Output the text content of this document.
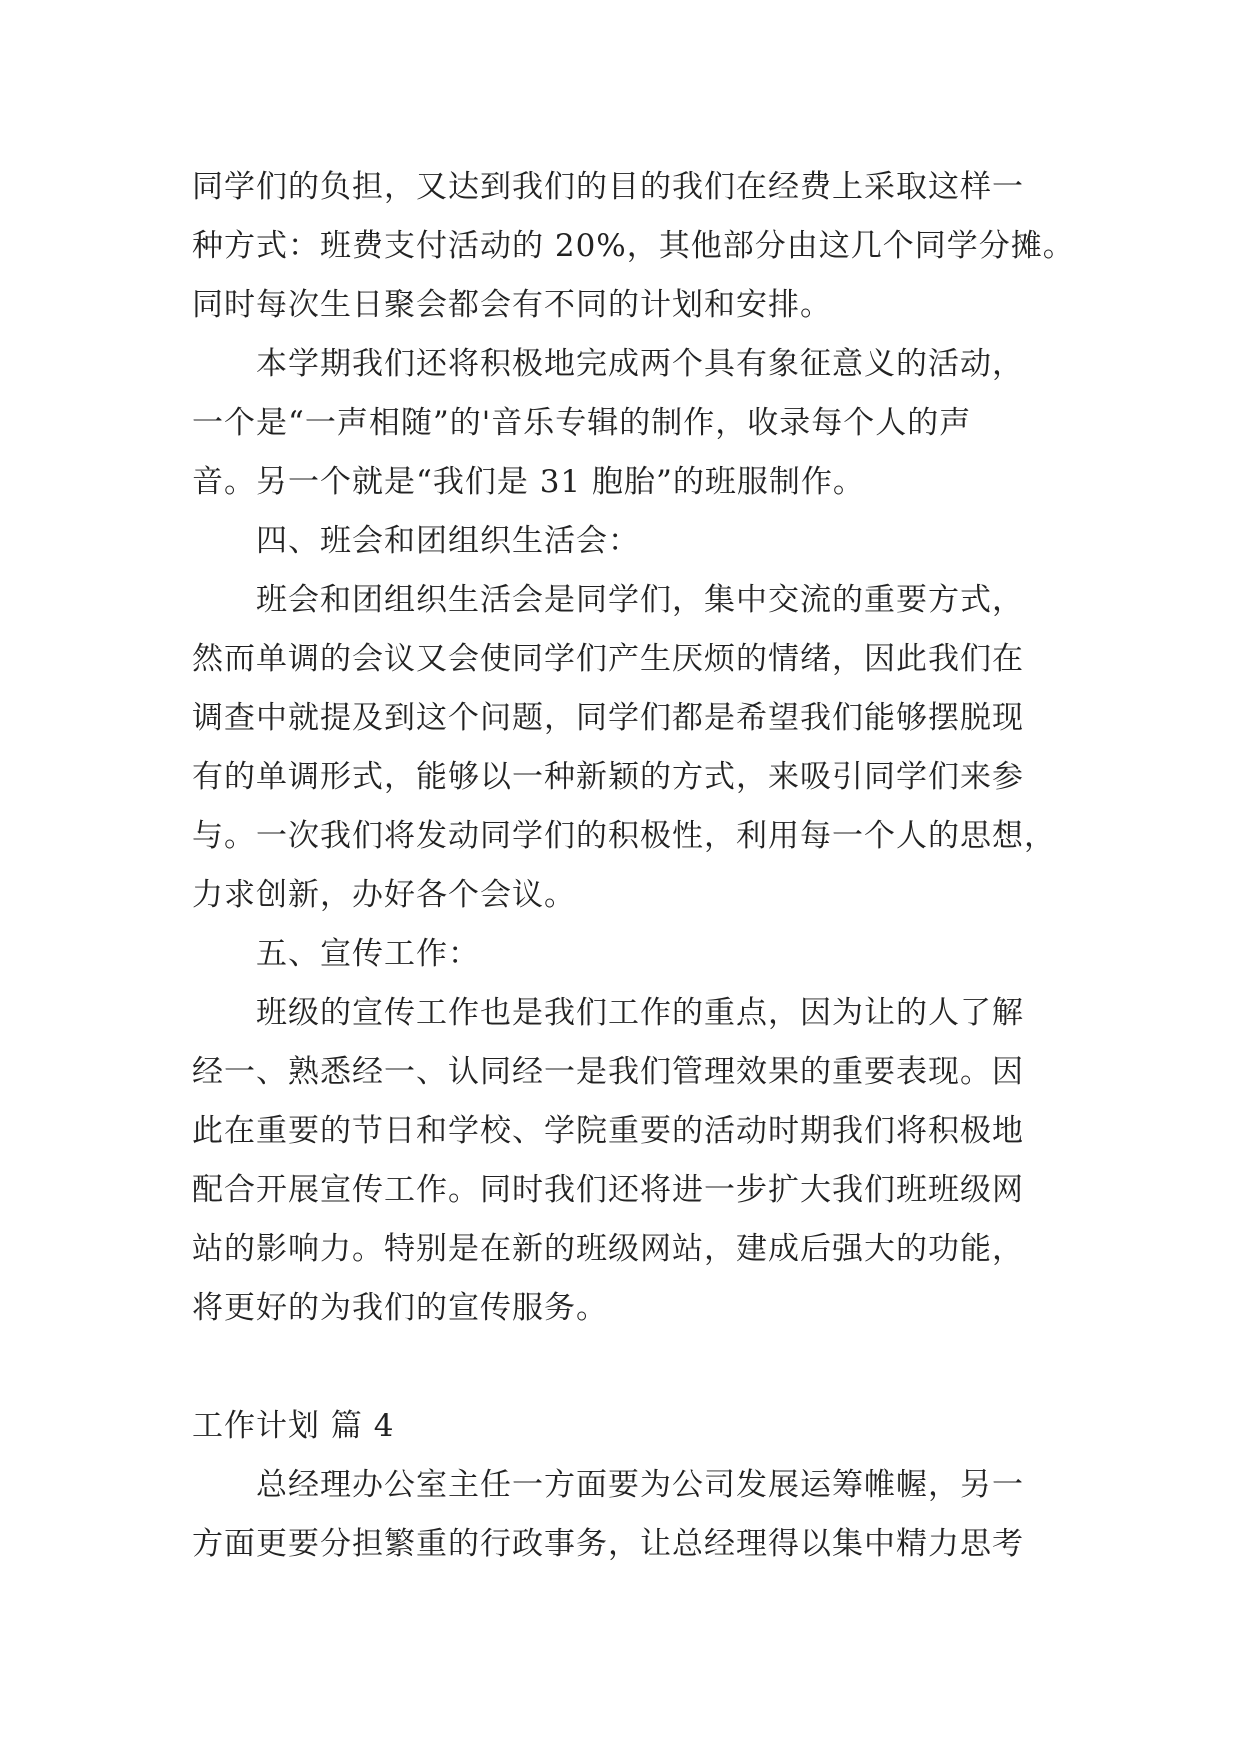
同学们的负担，又达到我们的目的我们在经费上采取这样一
种方式：班费支付活动的 20%，其他部分由这几个同学分摊。
同时每次生日聚会都会有不同的计划和安排。
本学期我们还将积极地完成两个具有象征意义的活动，
一个是“一声相随”的'音乐专辑的制作，收录每个人的声
音。另一个就是“我们是 31 胞胎”的班服制作。
四、班会和团组织生活会：
班会和团组织生活会是同学们，集中交流的重要方式，
然而单调的会议又会使同学们产生厌烦的情绪，因此我们在
调查中就提及到这个问题，同学们都是希望我们能够摆脱现
有的单调形式，能够以一种新颖的方式，来吸引同学们来参
与。一次我们将发动同学们的积极性，利用每一个人的思想，
力求创新，办好各个会议。
五、宣传工作：
班级的宣传工作也是我们工作的重点，因为让的人了解
经一、熟悉经一、认同经一是我们管理效果的重要表现。因
此在重要的节日和学校、学院重要的活动时期我们将积极地
配合开展宣传工作。同时我们还将进一步扩大我们班班级网
站的影响力。特别是在新的班级网站，建成后强大的功能，
将更好的为我们的宣传服务。
工作计划 篇 4
总经理办公室主任一方面要为公司发展运筹帷幄，另一
方面更要分担繁重的行政事务，让总经理得以集中精力思考
